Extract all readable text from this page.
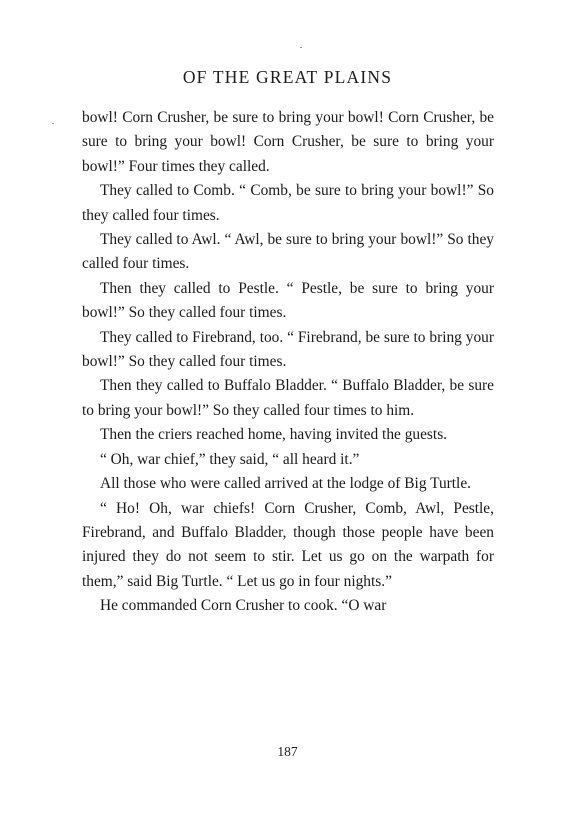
OF THE GREAT PLAINS

bowl! Corn Crusher, be sure to bring your bowl! Corn Crusher, be sure to bring your bowl! Corn Crusher, be sure to bring your bowl!” Four times they called.

They called to Comb. “ Comb, be sure to bring your bowl!” So they called four times.

They called to Awl. “ Awl, be sure to bring your bowl!” So they called four times.

Then they called to Pestle. “ Pestle, be sure to bring your bowl!” So they called four times.

They called to Firebrand, too. “ Firebrand, be sure to bring your bowl!” So they called four times.

Then they called to Buffalo Bladder. “ Buffalo Bladder, be sure to bring your bowl!” So they called four times to him.

Then the criers reached home, having invited the guests.

“ Oh, war chief,” they said, “ all heard it.”

All those who were called arrived at the lodge of Big Turtle.

“ Ho! Oh, war chiefs! Corn Crusher, Comb, Awl, Pestle, Firebrand, and Buffalo Bladder, though those people have been injured they do not seem to stir. Let us go on the warpath for them,” said Big Turtle. “ Let us go in four nights.”

He commanded Corn Crusher to cook. “O war

187
